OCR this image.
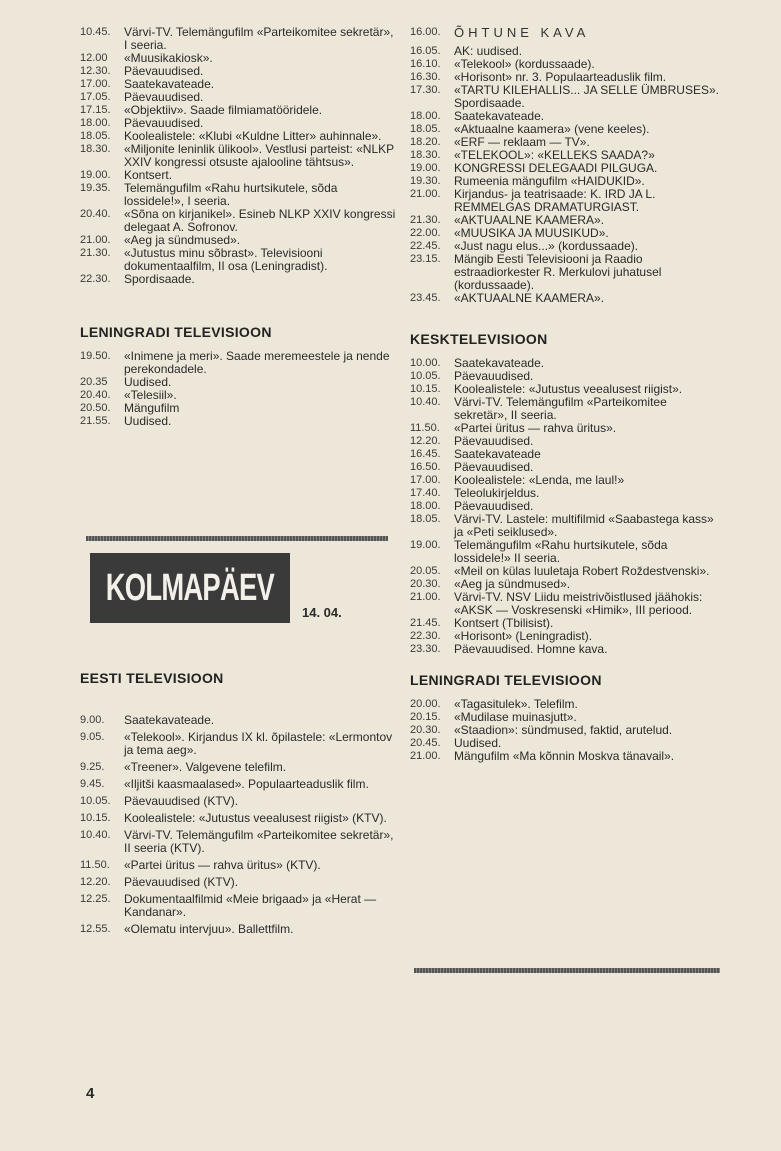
10.45.	Värvi-TV. Telemängufilm «Parteikomitee sekretär», I seeria.
12.00	«Muusikakiosk».
12.30.	Päevauudised.
17.00.	Saatekavateade.
17.05.	Päevauudised.
17.15.	«Objektiiv». Saade filmiamatööridele.
18.00.	Päevauudised.
18.05.	Koolealistele: «Klubi «Kuldne Litter» auhinnale».
18.30.	«Miljonite leninlik ülikool». Vestlusi parteist: «NLKP XXIV kongressi otsuste ajalooline tähtsus».
19.00.	Kontsert.
19.35.	Telemängufilm «Rahu hurtsikutele, sõda lossidele!», I seeria.
20.40.	«Sõna on kirjanikel». Esineb NLKP XXIV kongressi delegaat A. Sofronov.
21.00.	«Aeg ja sündmused».
21.30.	«Jutustus minu sõbrast». Televisiooni dokumentaalfilm, II osa (Leningradist).
22.30.	Spordisaade.
LENINGRADI TELEVISIOON
19.50.	«Inimene ja meri». Saade meremeestele ja nende perekondadele.
20.35	Uudised.
20.40.	«Telesiil».
20.50.	Mängufilm
21.55.	Uudised.
KOLMAPÄEV
14. 04.
EESTI TELEVISIOON
9.00.	Saatekavateade.
9.05.	«Telekool». Kirjandus IX kl. õpilastele: «Lermontov ja tema aeg».
9.25.	«Treener». Valgevene telefilm.
9.45.	«Iljitši kaasmaalased». Populaarteaduslik film.
10.05.	Päevauudised (KTV).
10.15.	Koolealistele: «Jutustus veealusest riigist» (KTV).
10.40.	Värvi-TV. Telemängufilm «Parteikomitee sekretär», II seeria (KTV).
11.50.	«Partei üritus — rahva üritus» (KTV).
12.20.	Päevauudised (KTV).
12.25.	Dokumentaalfilmid «Meie brigaad» ja «Herat — Kandanar».
12.55.	«Olematu intervjuu». Ballettfilm.
4
16.00.	ÕHTUNE KAVA
16.05.	AK: uudised.
16.10.	«Telekool» (kordussaade).
16.30.	«Horisont» nr. 3. Populaarteaduslik film.
17.30.	«TARTU KILEHALLIS... JA SELLE ÜMBRUSES». Spordisaade.
18.00.	Saatekavateade.
18.05.	«Aktuaalne kaamera» (vene keeles).
18.20.	«ERF — reklaam — TV».
18.30.	«TELEKOOL»: «KELLEKS SAADA?»
19.00.	KONGRESSI DELEGAADI PILGUGA.
19.30.	Rumeenia mängufilm «HAIDUKID».
21.00.	Kirjandus- ja teatrisaade: K. IRD JA L. REMMELGAS DRAMATURGIAST.
21.30.	«AKTUAALNE KAAMERA».
22.00.	«MUUSIKA JA MUUSIKUD».
22.45.	«Just nagu elus...» (kordussaade).
23.15.	Mängib Eesti Televisiooni ja Raadio estraadiorkester R. Merkulovi juhatusel (kordussaade).
23.45.	«AKTUAALNE KAAMERA».
KESKTELEVISIOON
10.00.	Saatekavateade.
10.05.	Päevauudised.
10.15.	Koolealistele: «Jutustus veealusest riigist».
10.40.	Värvi-TV. Telemängufilm «Parteikomitee sekretär», II seeria.
11.50.	«Partei üritus — rahva üritus».
12.20.	Päevauudised.
16.45.	Saatekavateade
16.50.	Päevauudised.
17.00.	Koolealistele: «Lenda, me laul!»
17.40.	Teleolukirjeldus.
18.00.	Päevauudised.
18.05.	Värvi-TV. Lastele: multifilmid «Saabastega kass» ja «Peti seiklused».
19.00.	Telemängufilm «Rahu hurtsikutele, sõda lossidele!» II seeria.
20.05.	«Meil on külas luuletaja Robert Roždestvenski».
20.30.	«Aeg ja sündmused».
21.00.	Värvi-TV. NSV Liidu meistrivõistlused jäähokis: «AKSK — Voskresenski «Himik», III periood.
21.45.	Kontsert (Tbilisist).
22.30.	«Horisont» (Leningradist).
23.30.	Päevauudised. Homne kava.
LENINGRADI TELEVISIOON
20.00.	«Tagasitulek». Telefilm.
20.15.	«Mudilase muinasjutt».
20.30.	«Staadion»: sündmused, faktid, arutelud.
20.45.	Uudised.
21.00.	Mängufilm «Ma kõnnin Moskva tänavail».
